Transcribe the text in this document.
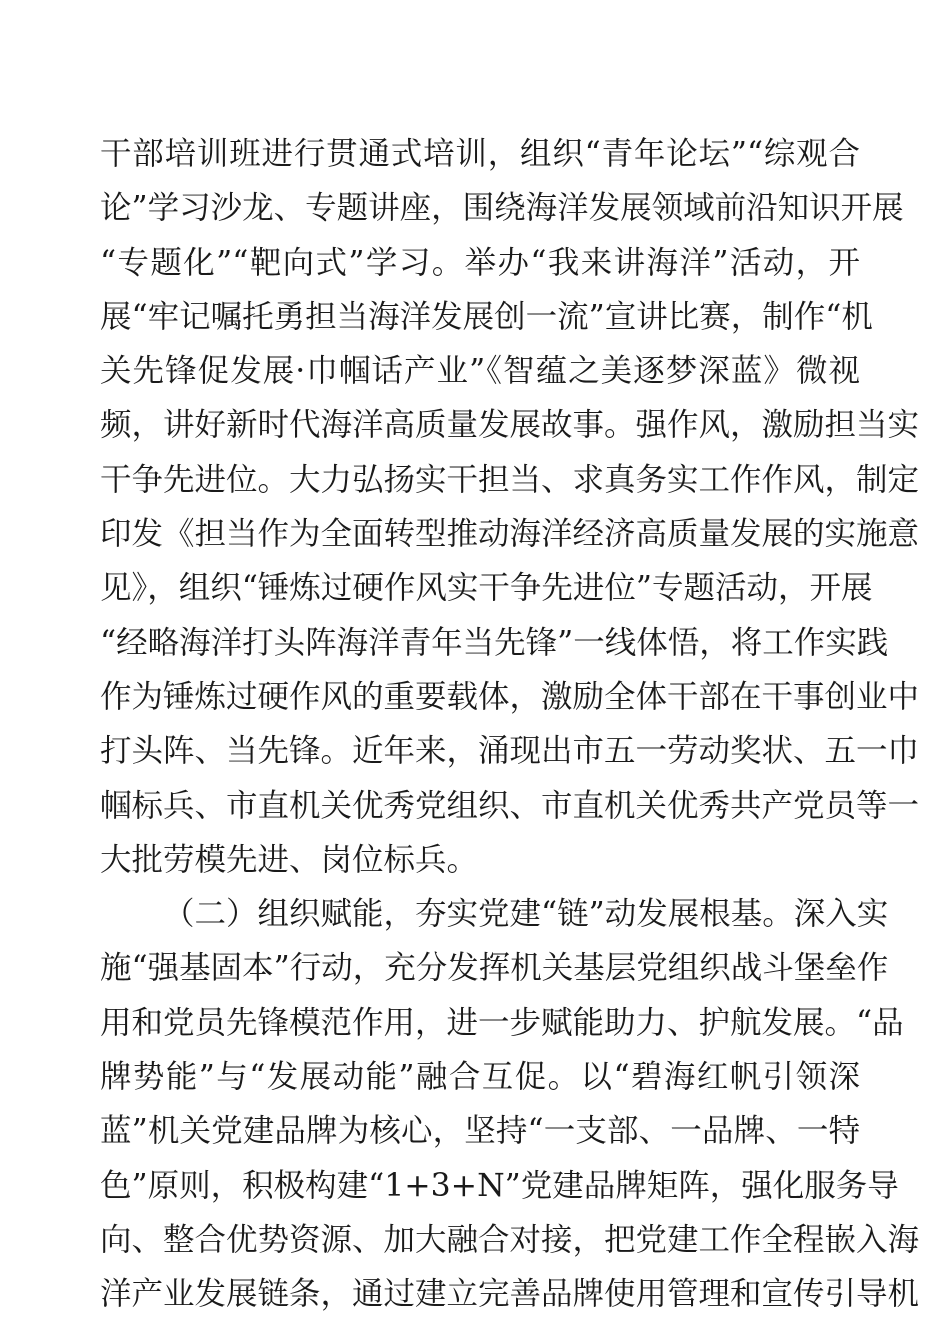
干部培训班进行贯通式培训，组织“青年论坛”“综观合
论”学习沙龙、专题讲座，围绕海洋发展领域前沿知识开展
“专题化”“靶向式”学习。举办“我来讲海洋”活动，开
展“牢记嘱托勇担当海洋发展创一流”宣讲比赛，制作“机
关先锋促发展·巾帼话产业”《智蕴之美逐梦深蓝》微视
频，讲好新时代海洋高质量发展故事。强作风，激励担当实
干争先进位。大力弘扬实干担当、求真务实工作作风，制定
印发《担当作为全面转型推动海洋经济高质量发展的实施意
见》，组织“锤炼过硬作风实干争先进位”专题活动，开展
“经略海洋打头阵海洋青年当先锋”一线体悟，将工作实践
作为锤炼过硬作风的重要载体，激励全体干部在干事创业中
打头阵、当先锋。近年来，涌现出市五一劳动奖状、五一巾
帼标兵、市直机关优秀党组织、市直机关优秀共产党员等一
大批劳模先进、岗位标兵。
（二）组织赋能，夯实党建“链”动发展根基。深入实
施“强基固本”行动，充分发挥机关基层党组织战斗堡垒作
用和党员先锋模范作用，进一步赋能助力、护航发展。“品
牌势能”与“发展动能”融合互促。以“碧海红帆引领深
蓝”机关党建品牌为核心，坚持“一支部、一品牌、一特
色”原则，积极构建“1+3+N”党建品牌矩阵，强化服务导
向、整合优势资源、加大融合对接，把党建工作全程嵌入海
洋产业发展链条，通过建立完善品牌使用管理和宣传引导机
